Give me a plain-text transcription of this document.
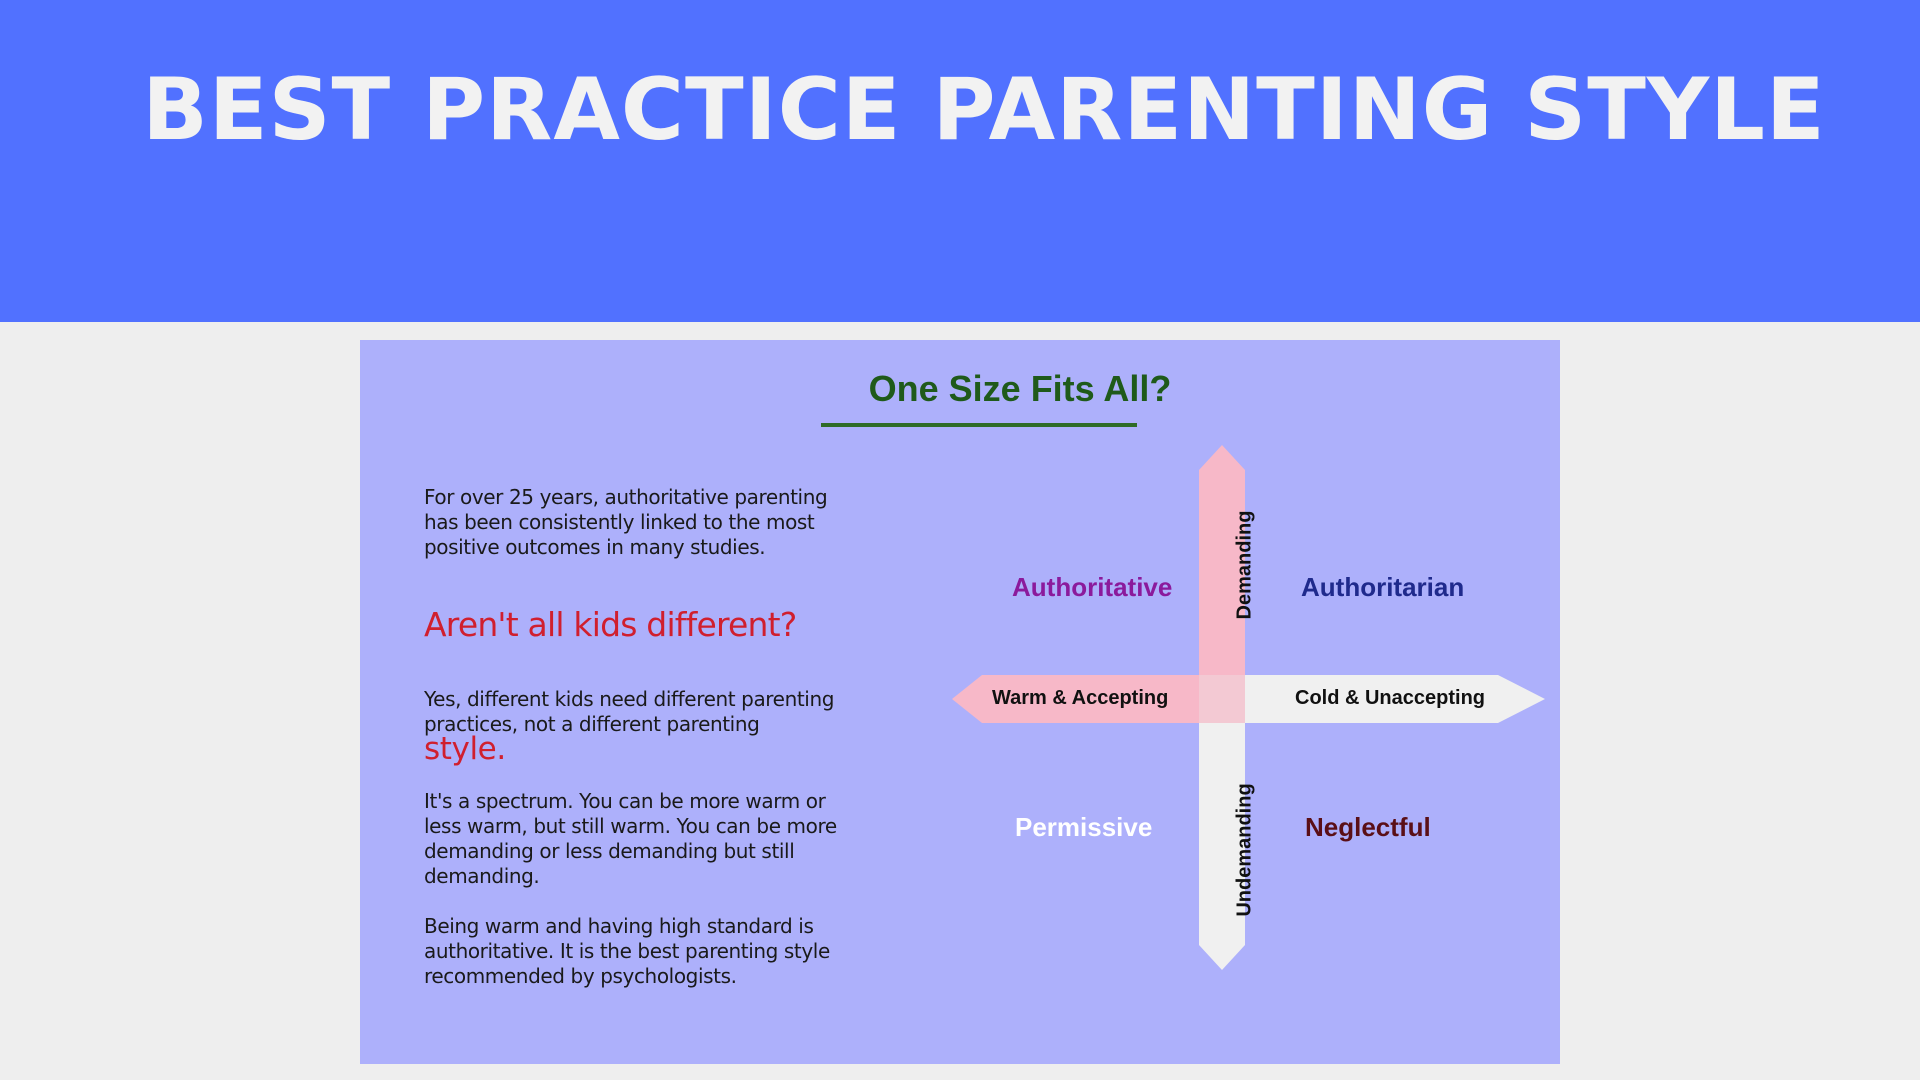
BEST PRACTICE PARENTING STYLE
One Size Fits All?
For over 25 years, authoritative parenting has been consistently linked to the most positive outcomes in many studies.
Aren't all kids different?
Yes, different kids need different parenting practices, not a different parenting style.
It's a spectrum. You can be more warm or less warm, but still warm. You can be more demanding or less demanding but still demanding.
Being warm and having high standard is authoritative. It is the best parenting style recommended by psychologists.
Authoritative	Authoritarian
Permissive	Neglectful
Warm & Accepting	Cold & Unaccepting
Demanding
Undemanding
